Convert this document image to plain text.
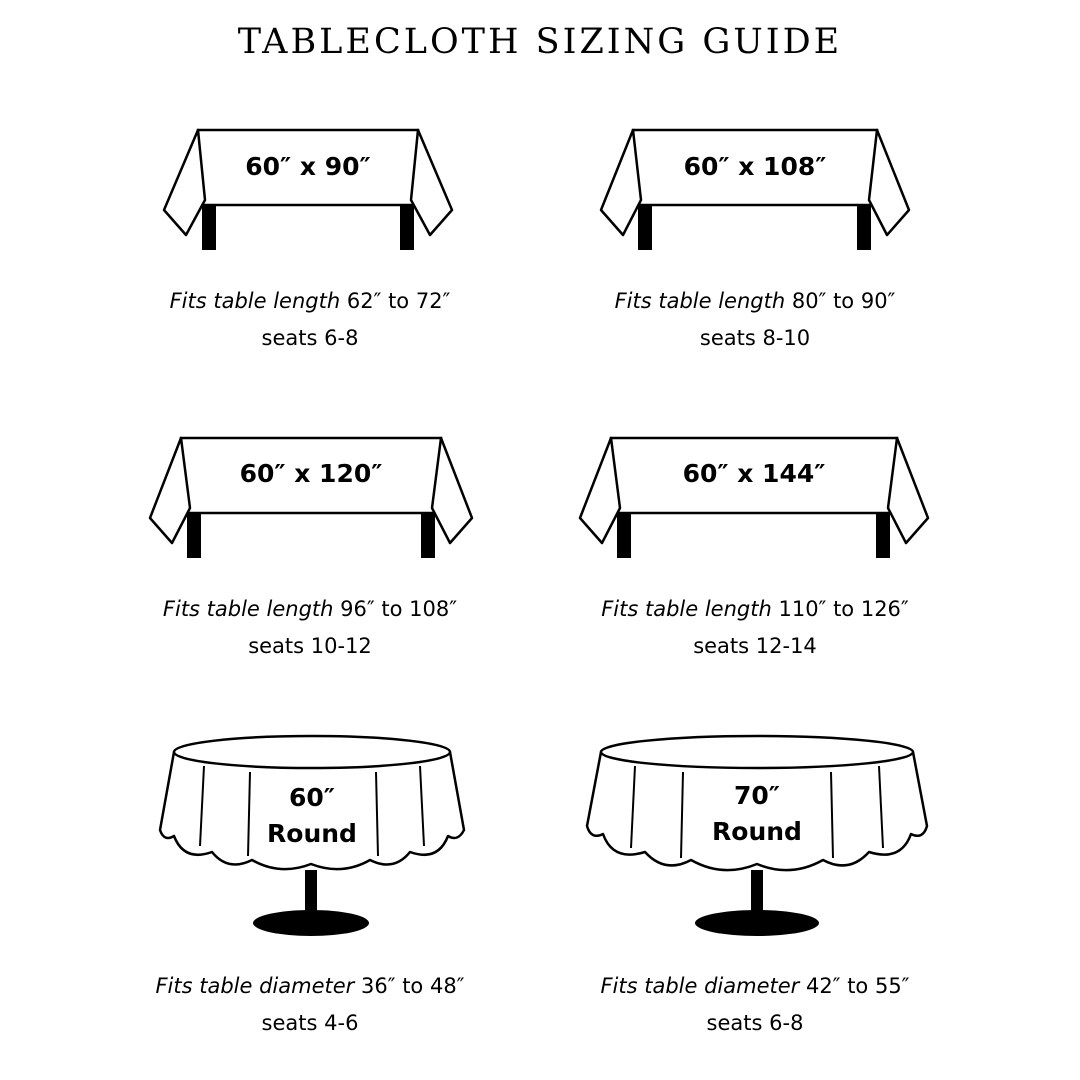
TABLECLOTH SIZING GUIDE
60″ x 90″
Fits table length 62″ to 72″
seats 6-8
60″ x 108″
Fits table length 80″ to 90″
seats 8-10
60″ x 120″
Fits table length 96″ to 108″
seats 10-12
60″ x 144″
Fits table length 110″ to 126″
seats 12-14
60″
Round
Fits table diameter 36″ to 48″
seats 4-6
70″
Round
Fits table diameter 42″ to 55″
seats 6-8
